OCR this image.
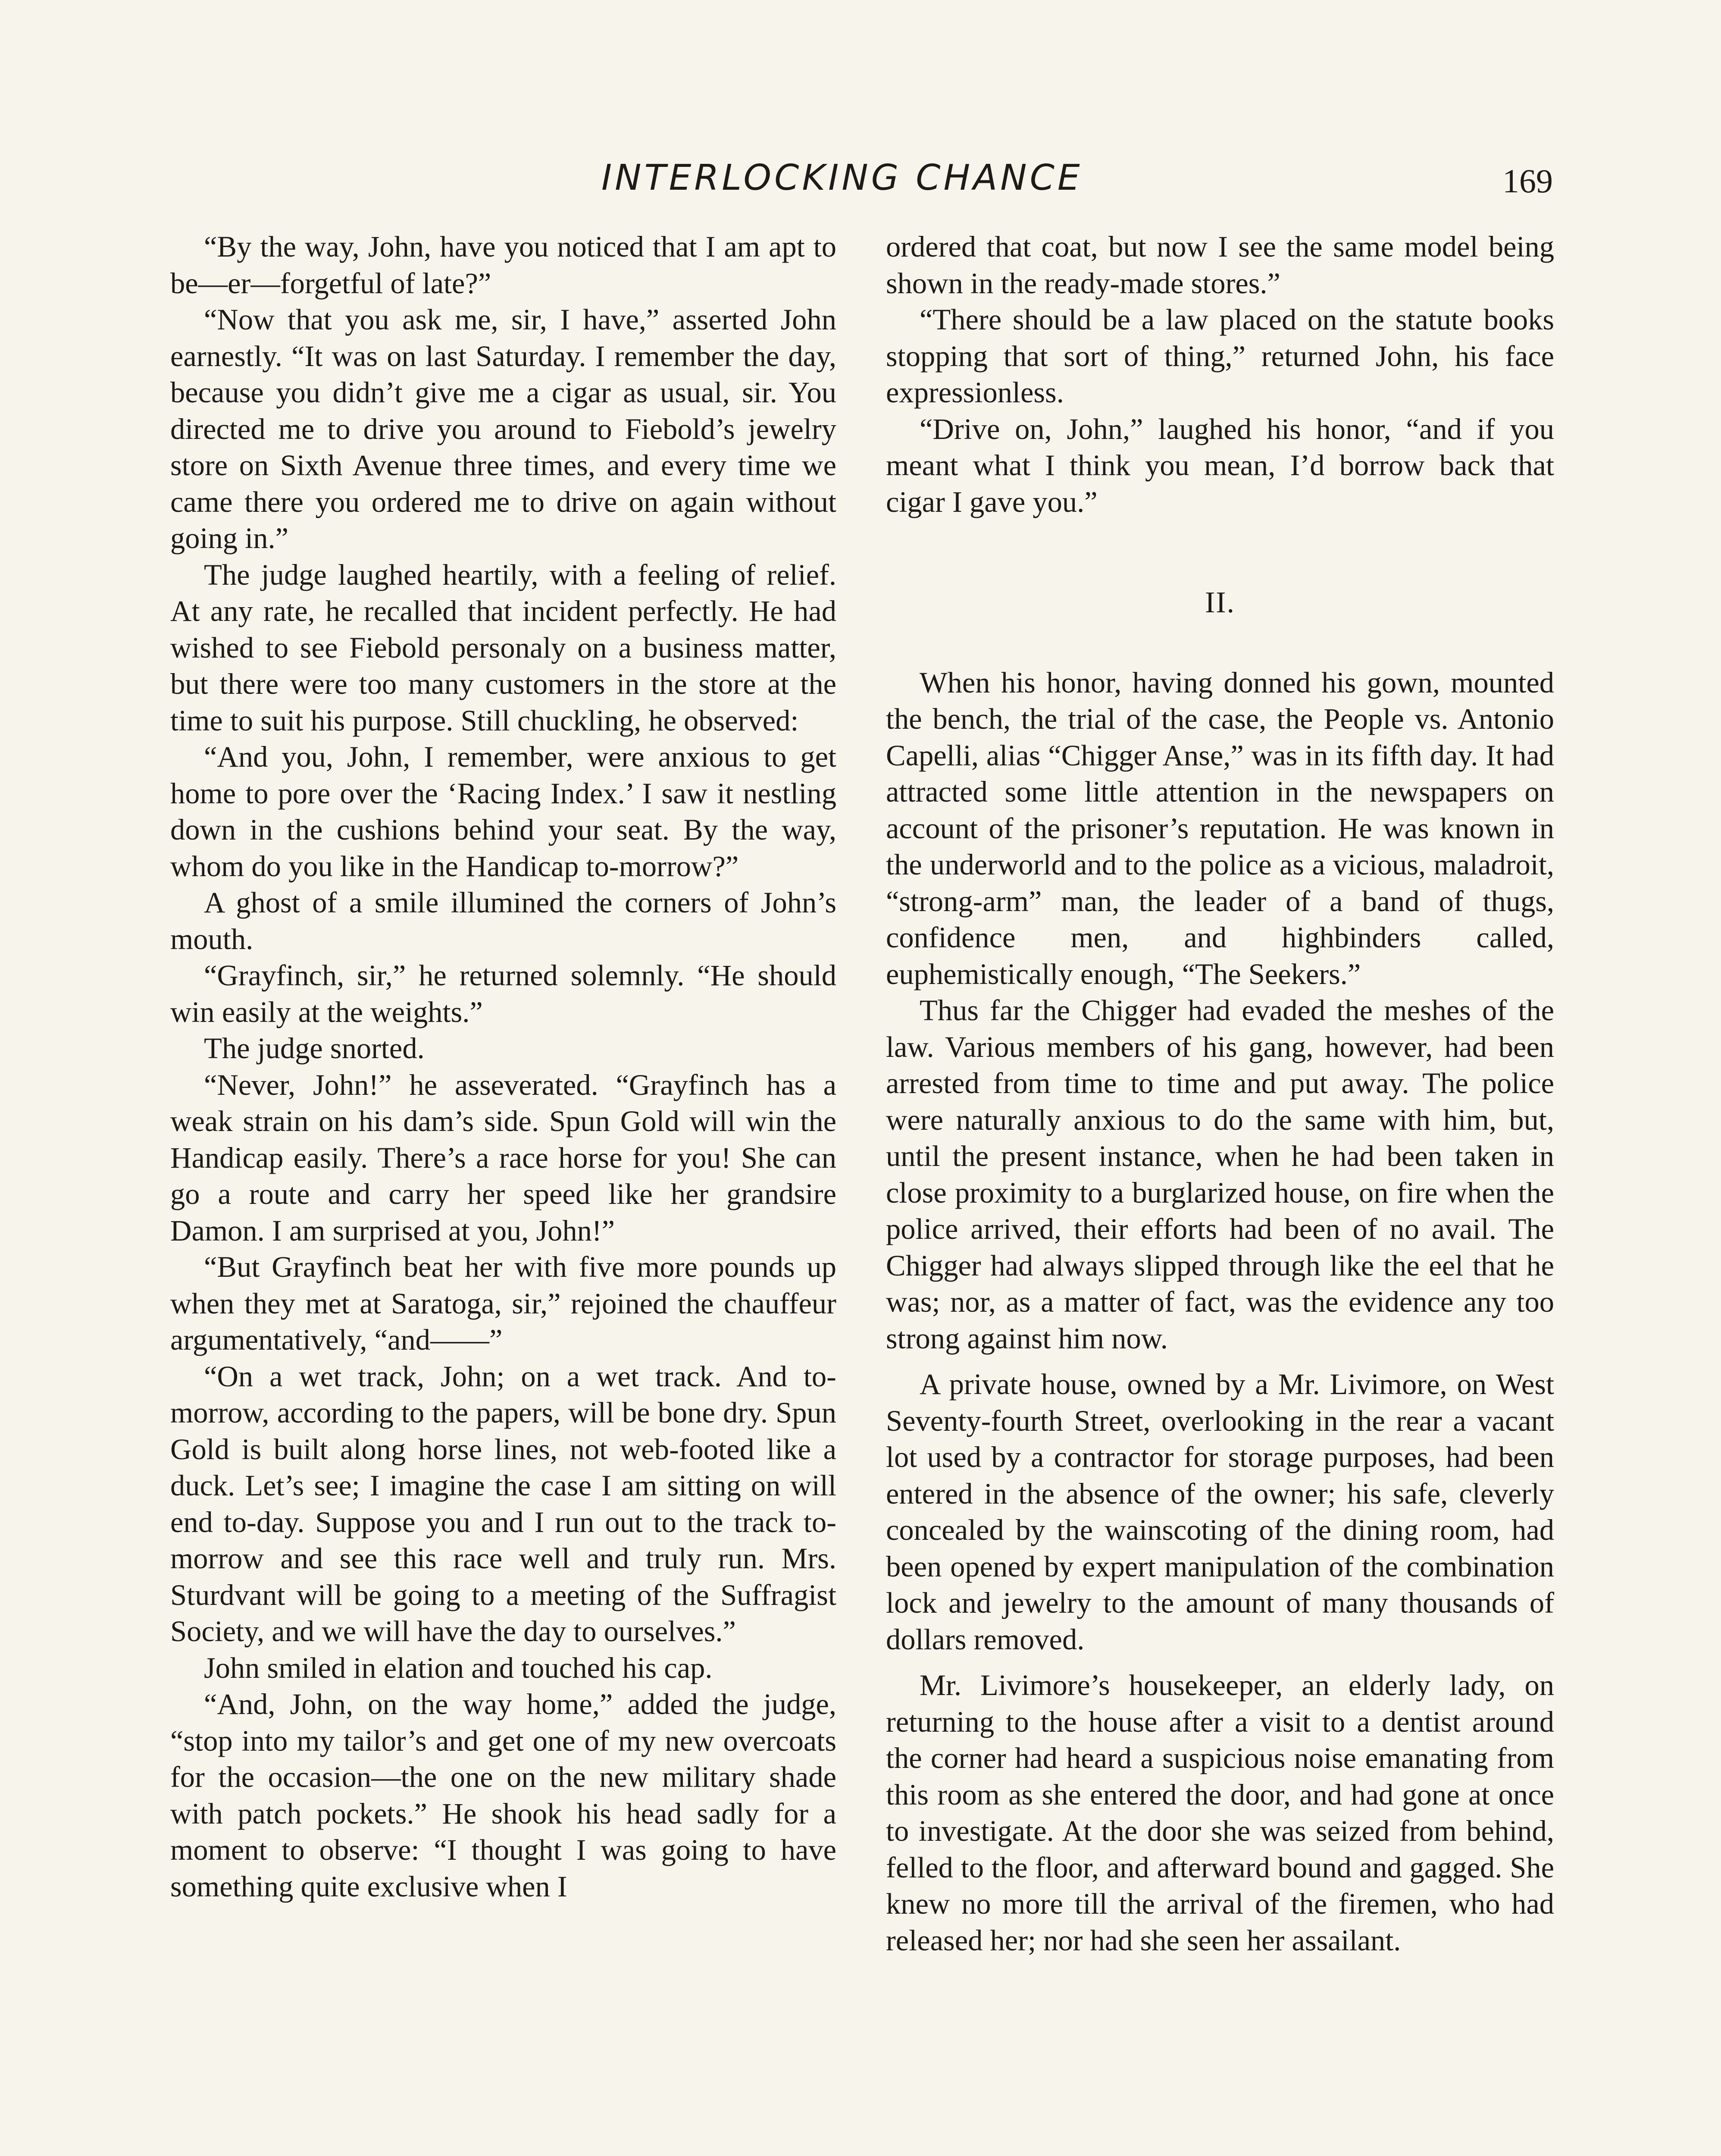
INTERLOCKING CHANCE	169

“By the way, John, have you noticed that I am apt to be—er—forgetful of late?”

“Now that you ask me, sir, I have,” asserted John earnestly. “It was on last Saturday. I remember the day, because you didn’t give me a cigar as usual, sir. You directed me to drive you around to Fiebold’s jewelry store on Sixth Avenue three times, and every time we came there you ordered me to drive on again without going in.”

The judge laughed heartily, with a feeling of relief. At any rate, he recalled that incident perfectly. He had wished to see Fiebold personaly on a business matter, but there were too many customers in the store at the time to suit his purpose. Still chuckling, he observed:

“And you, John, I remember, were anxious to get home to pore over the ‘Racing Index.’ I saw it nestling down in the cushions behind your seat. By the way, whom do you like in the Handicap to-morrow?”

A ghost of a smile illumined the corners of John’s mouth.

“Grayfinch, sir,” he returned solemnly. “He should win easily at the weights.”

The judge snorted.

“Never, John!” he asseverated. “Grayfinch has a weak strain on his dam’s side. Spun Gold will win the Handicap easily. There’s a race horse for you! She can go a route and carry her speed like her grandsire Damon. I am surprised at you, John!”

“But Grayfinch beat her with five more pounds up when they met at Saratoga, sir,” rejoined the chauffeur argumentatively, “and——”

“On a wet track, John; on a wet track. And to-morrow, according to the papers, will be bone dry. Spun Gold is built along horse lines, not web-footed like a duck. Let’s see; I imagine the case I am sitting on will end to-day. Suppose you and I run out to the track to-morrow and see this race well and truly run. Mrs. Sturdvant will be going to a meeting of the Suffragist Society, and we will have the day to ourselves.”

John smiled in elation and touched his cap.

“And, John, on the way home,” added the judge, “stop into my tailor’s and get one of my new overcoats for the occasion—the one on the new military shade with patch pockets.” He shook his head sadly for a moment to observe: “I thought I was going to have something quite exclusive when I

ordered that coat, but now I see the same model being shown in the ready-made stores.”

“There should be a law placed on the statute books stopping that sort of thing,” returned John, his face expressionless.

“Drive on, John,” laughed his honor, “and if you meant what I think you mean, I’d borrow back that cigar I gave you.”

II.

When his honor, having donned his gown, mounted the bench, the trial of the case, the People vs. Antonio Capelli, alias “Chigger Anse,” was in its fifth day. It had attracted some little attention in the newspapers on account of the prisoner’s reputation. He was known in the underworld and to the police as a vicious, maladroit, “strong-arm” man, the leader of a band of thugs, confidence men, and highbinders called, euphemistically enough, “The Seekers.”

Thus far the Chigger had evaded the meshes of the law. Various members of his gang, however, had been arrested from time to time and put away. The police were naturally anxious to do the same with him, but, until the present instance, when he had been taken in close proximity to a burglarized house, on fire when the police arrived, their efforts had been of no avail. The Chigger had always slipped through like the eel that he was; nor, as a matter of fact, was the evidence any too strong against him now.

A private house, owned by a Mr. Livimore, on West Seventy-fourth Street, overlooking in the rear a vacant lot used by a contractor for storage purposes, had been entered in the absence of the owner; his safe, cleverly concealed by the wainscoting of the dining room, had been opened by expert manipulation of the combination lock and jewelry to the amount of many thousands of dollars removed.

Mr. Livimore’s housekeeper, an elderly lady, on returning to the house after a visit to a dentist around the corner had heard a suspicious noise emanating from this room as she entered the door, and had gone at once to investigate. At the door she was seized from behind, felled to the floor, and afterward bound and gagged. She knew no more till the arrival of the firemen, who had released her; nor had she seen her assailant.
